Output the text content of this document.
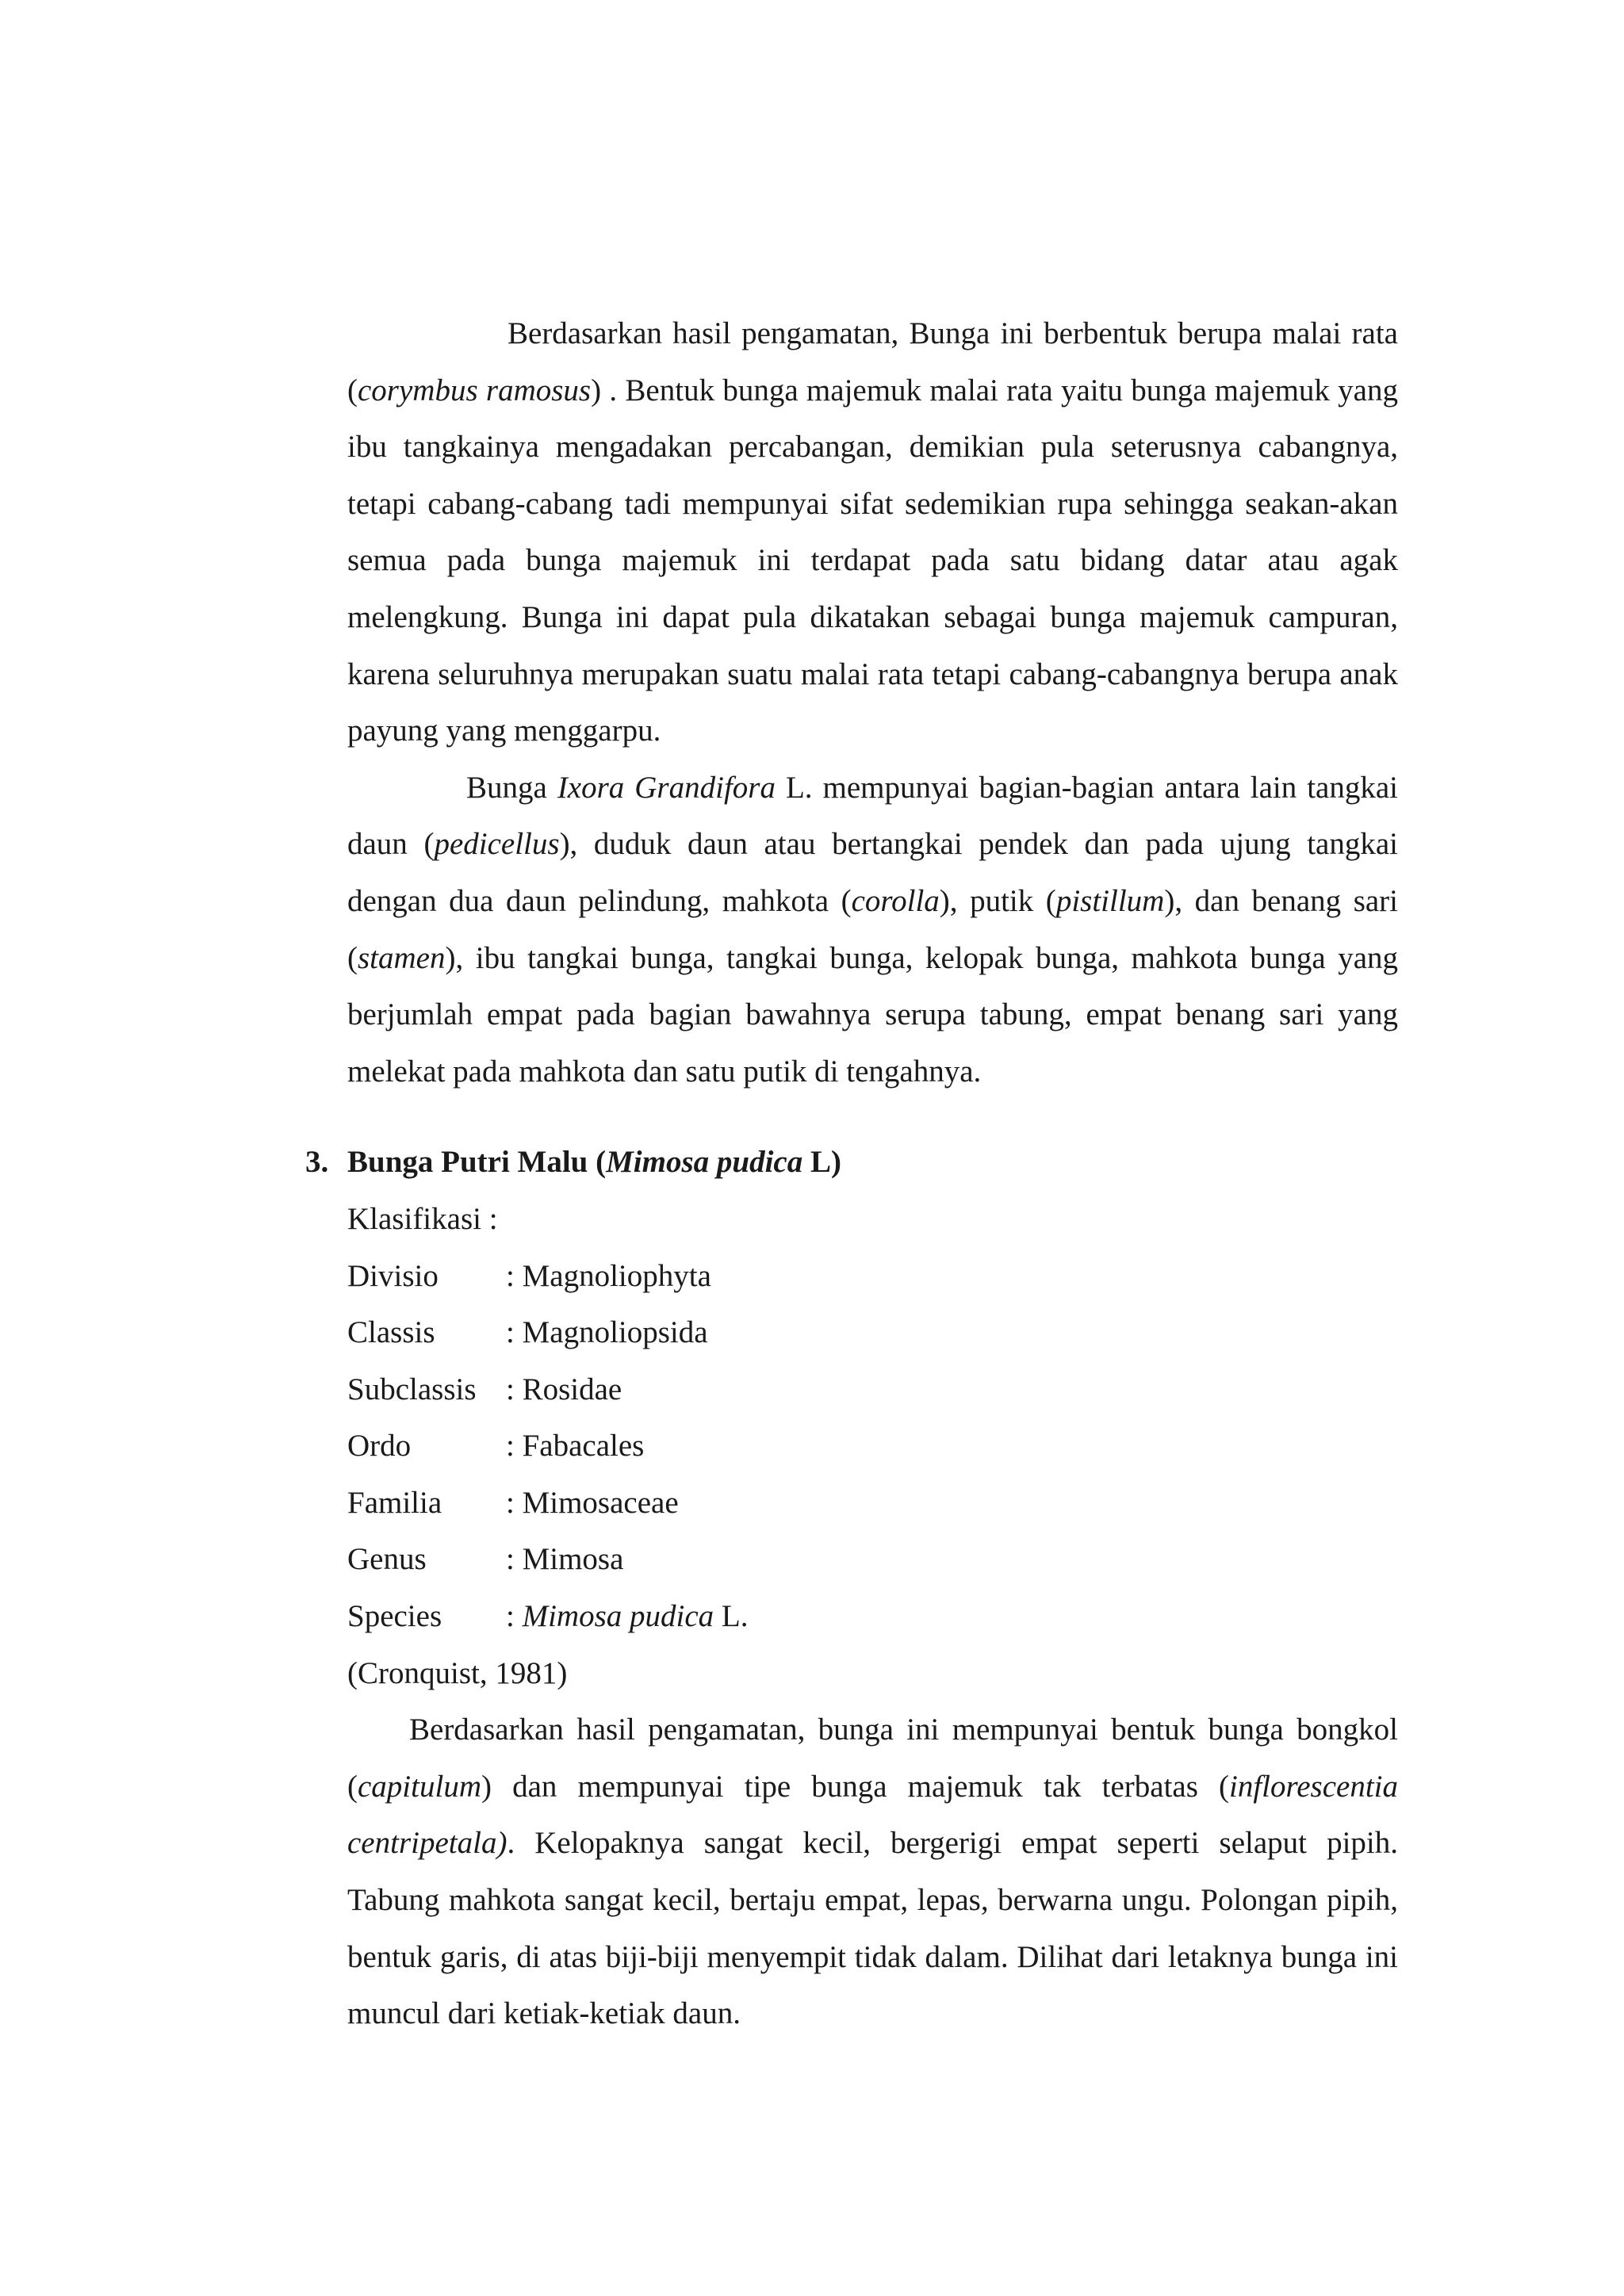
Berdasarkan hasil pengamatan, Bunga ini berbentuk berupa malai rata (corymbus ramosus) . Bentuk bunga majemuk malai rata yaitu bunga majemuk yang ibu tangkainya mengadakan percabangan, demikian pula seterusnya cabangnya, tetapi cabang-cabang tadi mempunyai sifat sedemikian rupa sehingga seakan-akan semua pada bunga majemuk ini terdapat pada satu bidang datar atau agak melengkung. Bunga ini dapat pula dikatakan sebagai bunga majemuk campuran, karena seluruhnya merupakan suatu malai rata tetapi cabang-cabangnya berupa anak payung yang menggarpu.

Bunga Ixora Grandifora L. mempunyai bagian-bagian antara lain tangkai daun (pedicellus), duduk daun atau bertangkai pendek dan pada ujung tangkai dengan dua daun pelindung, mahkota (corolla), putik (pistillum), dan benang sari (stamen), ibu tangkai bunga, tangkai bunga, kelopak bunga, mahkota bunga yang berjumlah empat pada bagian bawahnya serupa tabung, empat benang sari yang melekat pada mahkota dan satu putik di tengahnya.

3. Bunga Putri Malu (Mimosa pudica L)
Klasifikasi :
Divisio	: Magnoliophyta
Classis	: Magnoliopsida
Subclassis : Rosidae
Ordo	: Fabacales
Familia	: Mimosaceae
Genus	: Mimosa
Species	: Mimosa pudica L.
(Cronquist, 1981)

Berdasarkan hasil pengamatan, bunga ini mempunyai bentuk bunga bongkol (capitulum) dan mempunyai tipe bunga majemuk tak terbatas (inflorescentia centripetala). Kelopaknya sangat kecil, bergerigi empat seperti selaput pipih. Tabung mahkota sangat kecil, bertaju empat, lepas, berwarna ungu. Polongan pipih, bentuk garis, di atas biji-biji menyempit tidak dalam. Dilihat dari letaknya bunga ini muncul dari ketiak-ketiak daun.
